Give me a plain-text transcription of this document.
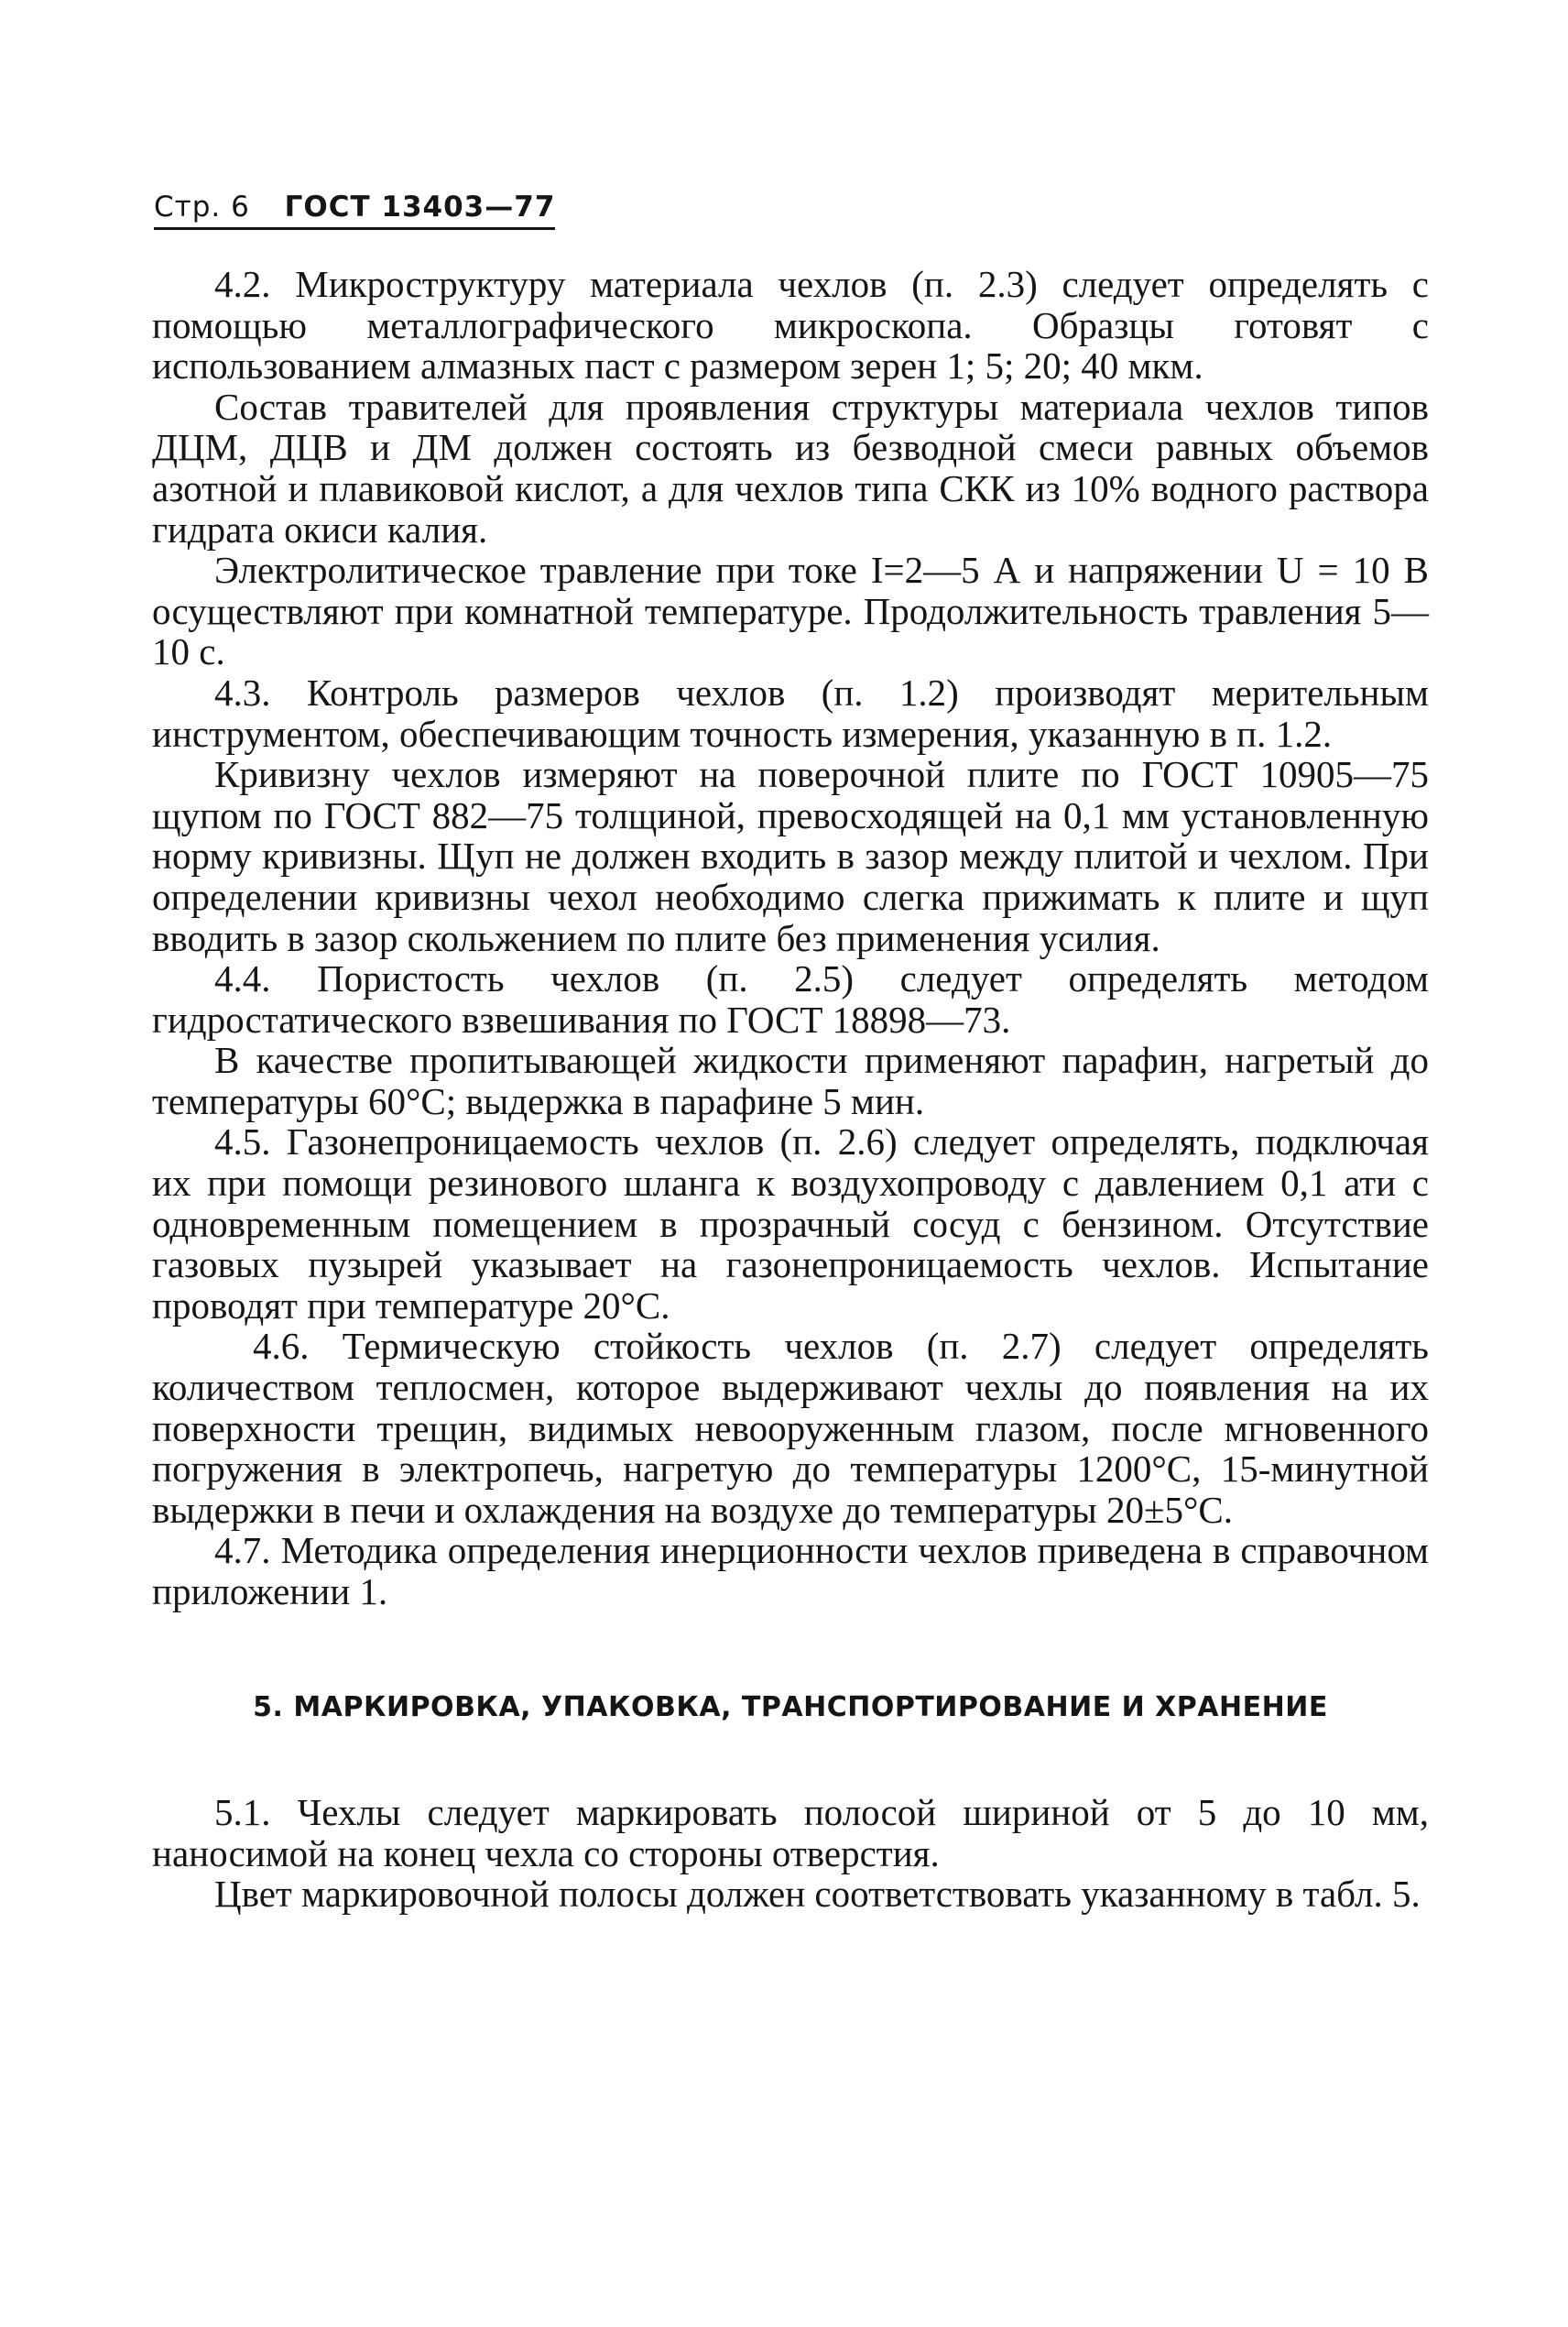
Стр. 6 ГОСТ 13403—77

4.2. Микроструктуру материала чехлов (п. 2.3) следует определять с помощью металлографического микроскопа. Образцы готовят с использованием алмазных паст с размером зерен 1; 5; 20; 40 мкм.

Состав травителей для проявления структуры материала чехлов типов ДЦМ, ДЦВ и ДМ должен состоять из безводной смеси равных объемов азотной и плавиковой кислот, а для чехлов типа СКК из 10% водного раствора гидрата окиси калия.

Электролитическое травление при токе I=2—5 А и напряжении U = 10 В осуществляют при комнатной температуре. Продолжительность травления 5—10 с.

4.3. Контроль размеров чехлов (п. 1.2) производят мерительным инструментом, обеспечивающим точность измерения, указанную в п. 1.2.

Кривизну чехлов измеряют на поверочной плите по ГОСТ 10905—75 щупом по ГОСТ 882—75 толщиной, превосходящей на 0,1 мм установленную норму кривизны. Щуп не должен входить в зазор между плитой и чехлом. При определении кривизны чехол необходимо слегка прижимать к плите и щуп вводить в зазор скольжением по плите без применения усилия.

4.4. Пористость чехлов (п. 2.5) следует определять методом гидростатического взвешивания по ГОСТ 18898—73.

В качестве пропитывающей жидкости применяют парафин, нагретый до температуры 60°С; выдержка в парафине 5 мин.

4.5. Газонепроницаемость чехлов (п. 2.6) следует определять, подключая их при помощи резинового шланга к воздухопроводу с давлением 0,1 ати с одновременным помещением в прозрачный сосуд с бензином. Отсутствие газовых пузырей указывает на газонепроницаемость чехлов. Испытание проводят при температуре 20°С.

4.6. Термическую стойкость чехлов (п. 2.7) следует определять количеством теплосмен, которое выдерживают чехлы до появления на их поверхности трещин, видимых невооруженным глазом, после мгновенного погружения в электропечь, нагретую до температуры 1200°С, 15-минутной выдержки в печи и охлаждения на воздухе до температуры 20±5°С.

4.7. Методика определения инерционности чехлов приведена в справочном приложении 1.

5. МАРКИРОВКА, УПАКОВКА, ТРАНСПОРТИРОВАНИЕ И ХРАНЕНИЕ

5.1. Чехлы следует маркировать полосой шириной от 5 до 10 мм, наносимой на конец чехла со стороны отверстия.

Цвет маркировочной полосы должен соответствовать указанному в табл. 5.
